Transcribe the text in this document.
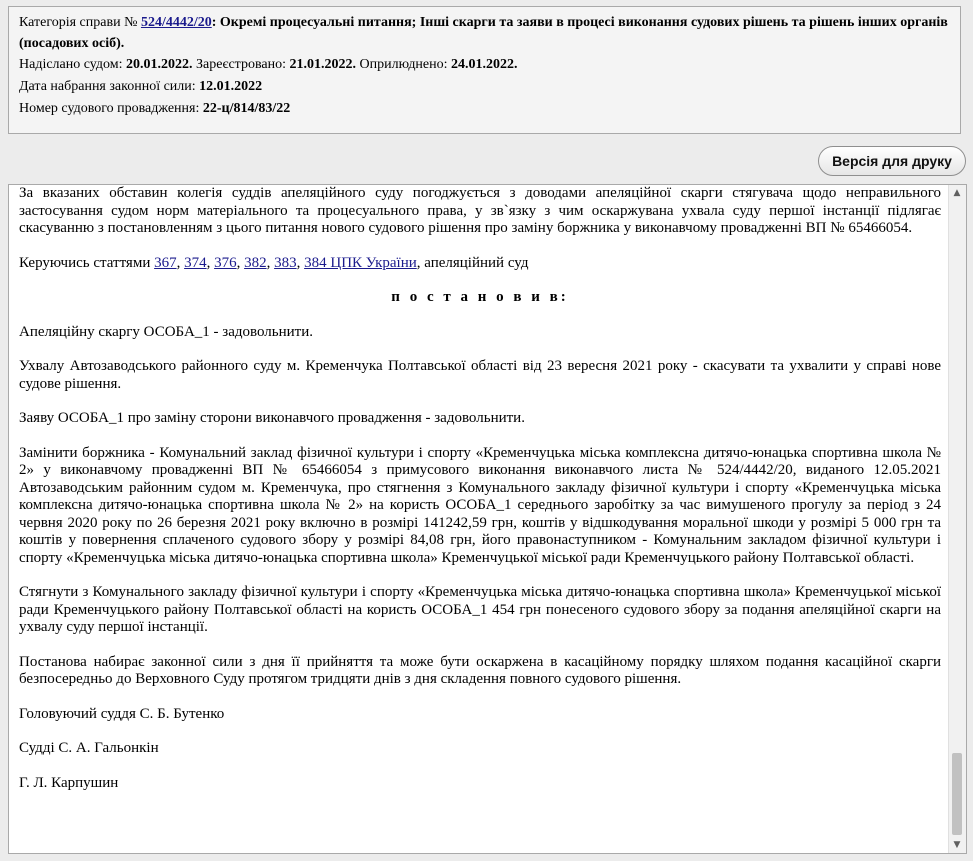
Категорія справи № 524/4442/20: Окремі процесуальні питання; Інші скарги та заяви в процесі виконання судових рішень та рішень інших органів (посадових осіб).
Надіслано судом: 20.01.2022. Зареєстровано: 21.01.2022. Оприлюднено: 24.01.2022.
Дата набрання законної сили: 12.01.2022
Номер судового провадження: 22-ц/814/83/22
Версія для друку

За вказаних обставин колегія суддів апеляційного суду погоджується з доводами апеляційної скарги стягувача щодо неправильного застосування судом норм матеріального та процесуального права, у зв`язку з чим оскаржувана ухвала суду першої інстанції підлягає скасуванню з постановленням з цього питання нового судового рішення про заміну боржника у виконавчому провадженні ВП № 65466054.

Керуючись статтями 367, 374, 376, 382, 383, 384 ЦПК України, апеляційний суд

п о с т а н о в и в:

Апеляційну скаргу ОСОБА_1 - задовольнити.

Ухвалу Автозаводського районного суду м. Кременчука Полтавської області від 23 вересня 2021 року - скасувати та ухвалити у справі нове судове рішення.

Заяву ОСОБА_1 про заміну сторони виконавчого провадження - задовольнити.

Замінити боржника - Комунальний заклад фізичної культури і спорту «Кременчуцька міська комплексна дитячо-юнацька спортивна школа № 2» у виконавчому провадженні ВП № 65466054 з примусового виконання виконавчого листа № 524/4442/20, виданого 12.05.2021 Автозаводським районним судом м. Кременчука, про стягнення з Комунального закладу фізичної культури і спорту «Кременчуцька міська комплексна дитячо-юнацька спортивна школа № 2» на користь ОСОБА_1 середнього заробітку за час вимушеного прогулу за період з 24 червня 2020 року по 26 березня 2021 року включно в розмірі 141242,59 грн, коштів у відшкодування моральної шкоди у розмірі 5 000 грн та коштів у повернення сплаченого судового збору у розмірі 84,08 грн, його правонаступником - Комунальним закладом фізичної культури і спорту «Кременчуцька міська дитячо-юнацька спортивна школа» Кременчуцької міської ради Кременчуцького району Полтавської області.

Стягнути з Комунального закладу фізичної культури і спорту «Кременчуцька міська дитячо-юнацька спортивна школа» Кременчуцької міської ради Кременчуцького району Полтавської області на користь ОСОБА_1 454 грн понесеного судового збору за подання апеляційної скарги на ухвалу суду першої інстанції.

Постанова набирає законної сили з дня її прийняття та може бути оскаржена в касаційному порядку шляхом подання касаційної скарги безпосередньо до Верховного Суду протягом тридцяти днів з дня складення повного судового рішення.

Головуючий суддя С. Б. Бутенко

Судді С. А. Гальонкін

Г. Л. Карпушин

▲
▼
